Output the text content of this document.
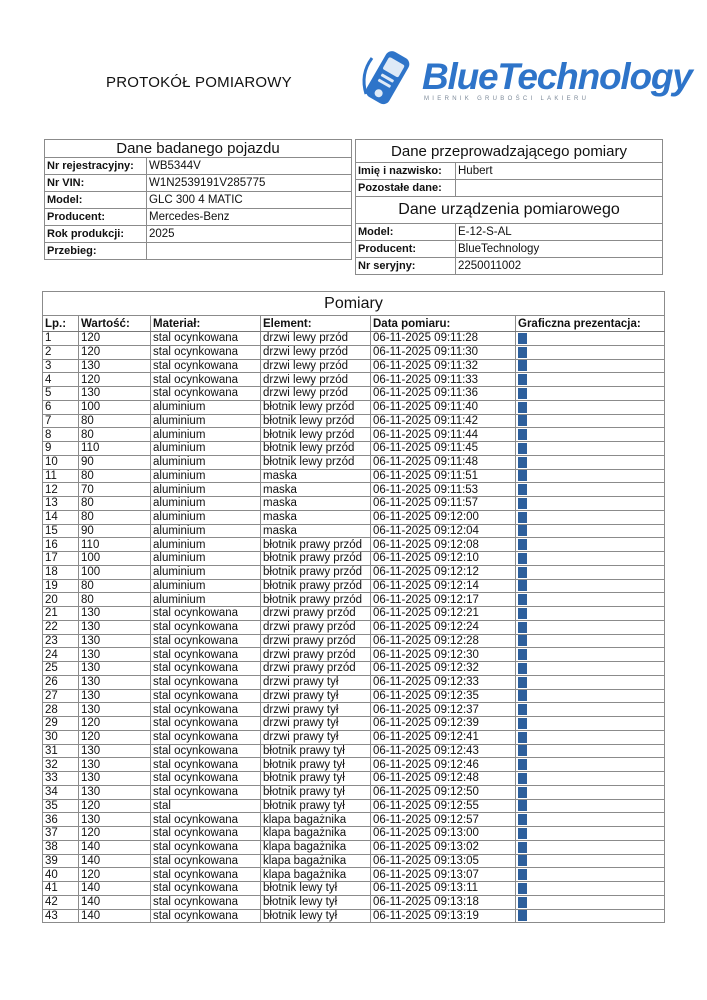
PROTOKÓŁ POMIAROWY	BlueTechnology
MIERNIK GRUBOŚCI LAKIERU
Dane badanego pojazdu	
Nr rejestracyjny:	WB5344V
Nr VIN:	W1N2539191V285775
Model:	GLC 300 4 MATIC
Producent:	Mercedes-Benz
Rok produkcji:	2025
Przebieg:	
Dane przeprowadzającego pomiary	
Imię i nazwisko:	Hubert
Pozostałe dane:	
Dane urządzenia pomiarowego	
Model:	E-12-S-AL
Producent:	BlueTechnology
Nr seryjny:	2250011002
Pomiary					
Lp.:	Wartość:	Materiał:	Element:	Data pomiaru:	Graficzna prezentacja:
1	120	stal ocynkowana	drzwi lewy przód	06-11-2025 09:11:28	
2	120	stal ocynkowana	drzwi lewy przód	06-11-2025 09:11:30	
3	130	stal ocynkowana	drzwi lewy przód	06-11-2025 09:11:32	
4	120	stal ocynkowana	drzwi lewy przód	06-11-2025 09:11:33	
5	130	stal ocynkowana	drzwi lewy przód	06-11-2025 09:11:36	
6	100	aluminium	błotnik lewy przód	06-11-2025 09:11:40	
7	80	aluminium	błotnik lewy przód	06-11-2025 09:11:42	
8	80	aluminium	błotnik lewy przód	06-11-2025 09:11:44	
9	110	aluminium	błotnik lewy przód	06-11-2025 09:11:45	
10	90	aluminium	błotnik lewy przód	06-11-2025 09:11:48	
11	80	aluminium	maska	06-11-2025 09:11:51	
12	70	aluminium	maska	06-11-2025 09:11:53	
13	80	aluminium	maska	06-11-2025 09:11:57	
14	80	aluminium	maska	06-11-2025 09:12:00	
15	90	aluminium	maska	06-11-2025 09:12:04	
16	110	aluminium	błotnik prawy przód	06-11-2025 09:12:08	
17	100	aluminium	błotnik prawy przód	06-11-2025 09:12:10	
18	100	aluminium	błotnik prawy przód	06-11-2025 09:12:12	
19	80	aluminium	błotnik prawy przód	06-11-2025 09:12:14	
20	80	aluminium	błotnik prawy przód	06-11-2025 09:12:17	
21	130	stal ocynkowana	drzwi prawy przód	06-11-2025 09:12:21	
22	130	stal ocynkowana	drzwi prawy przód	06-11-2025 09:12:24	
23	130	stal ocynkowana	drzwi prawy przód	06-11-2025 09:12:28	
24	130	stal ocynkowana	drzwi prawy przód	06-11-2025 09:12:30	
25	130	stal ocynkowana	drzwi prawy przód	06-11-2025 09:12:32	
26	130	stal ocynkowana	drzwi prawy tył	06-11-2025 09:12:33	
27	130	stal ocynkowana	drzwi prawy tył	06-11-2025 09:12:35	
28	130	stal ocynkowana	drzwi prawy tył	06-11-2025 09:12:37	
29	120	stal ocynkowana	drzwi prawy tył	06-11-2025 09:12:39	
30	120	stal ocynkowana	drzwi prawy tył	06-11-2025 09:12:41	
31	130	stal ocynkowana	błotnik prawy tył	06-11-2025 09:12:43	
32	130	stal ocynkowana	błotnik prawy tył	06-11-2025 09:12:46	
33	130	stal ocynkowana	błotnik prawy tył	06-11-2025 09:12:48	
34	130	stal ocynkowana	błotnik prawy tył	06-11-2025 09:12:50	
35	120	stal	błotnik prawy tył	06-11-2025 09:12:55	
36	130	stal ocynkowana	klapa bagażnika	06-11-2025 09:12:57	
37	120	stal ocynkowana	klapa bagażnika	06-11-2025 09:13:00	
38	140	stal ocynkowana	klapa bagażnika	06-11-2025 09:13:02	
39	140	stal ocynkowana	klapa bagażnika	06-11-2025 09:13:05	
40	120	stal ocynkowana	klapa bagażnika	06-11-2025 09:13:07	
41	140	stal ocynkowana	błotnik lewy tył	06-11-2025 09:13:11	
42	140	stal ocynkowana	błotnik lewy tył	06-11-2025 09:13:18	
43	140	stal ocynkowana	błotnik lewy tył	06-11-2025 09:13:19	
